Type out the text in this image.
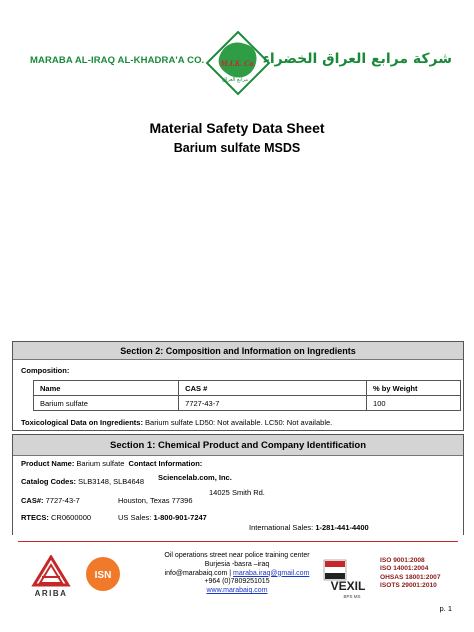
MARABA AL-IRAQ AL-KHADRA'A CO. M.I.K. Co.
مرابع العراق
شركة مرابع العراق الخضراء
Material Safety Data Sheet
Barium sulfate MSDS
Section 2: Composition and Information on Ingredients
Composition:
Name	CAS #	% by Weight
Barium sulfate	7727-43-7	100
Toxicological Data on Ingredients: Barium sulfate LD50: Not available. LC50: Not available.
Section 1: Chemical Product and Company Identification
Product Name: Barium sulfate Contact Information:
Sciencelab.com, Inc.
Catalog Codes: SLB3148, SLB4648
14025 Smith Rd.
CAS#: 7727-43-7	Houston, Texas 77396
RTECS: CR0600000	US Sales: 1-800-901-7247
International Sales: 1-281-441-4400
ARIBA
ISN
Oil operations street near police training center
Burjesia -basra –iraq
info@marabaiq.com | maraba.iraq@gmail.com
+964 (0)7809251015
www.marabaiq.com	VEXIL
BPS MS
ISO 9001:2008
ISO 14001:2004
OHSAS 18001:2007
ISOTS 29001:2010
p. 1
